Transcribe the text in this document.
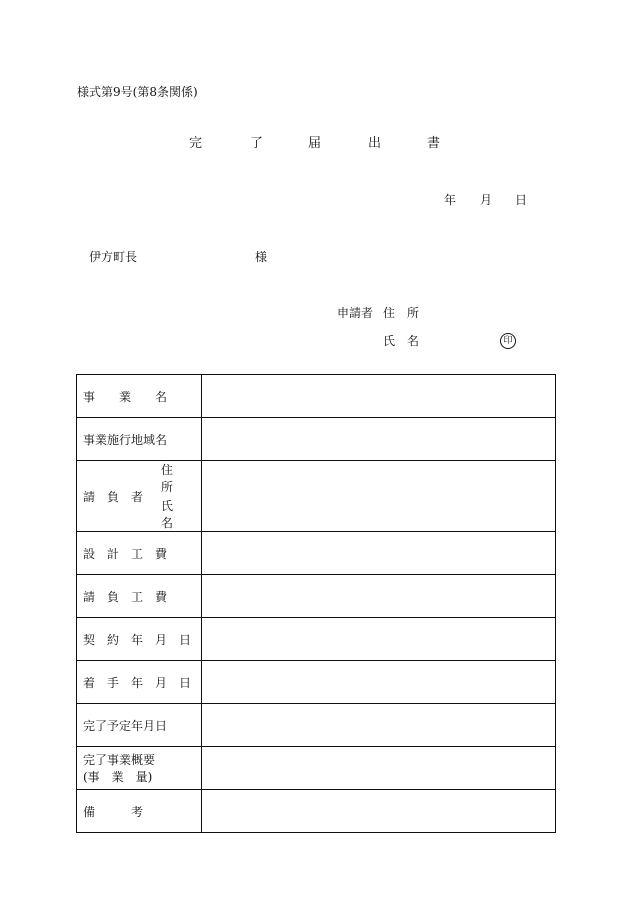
様式第9号(第8条関係)
完	了	届	出	書
年 月 日
伊方町長	様
申請者 住　所
氏　名	印
事　　業　　名	

事業施行地域名	

請　負　者
住　所
氏　名	

設　計　工　費	

請　負　工　費	

契　約　年　月　日	

着　手　年　月　日	

完了予定年月日	

完了事業概要
(事　業　量)	

備　　　考	
